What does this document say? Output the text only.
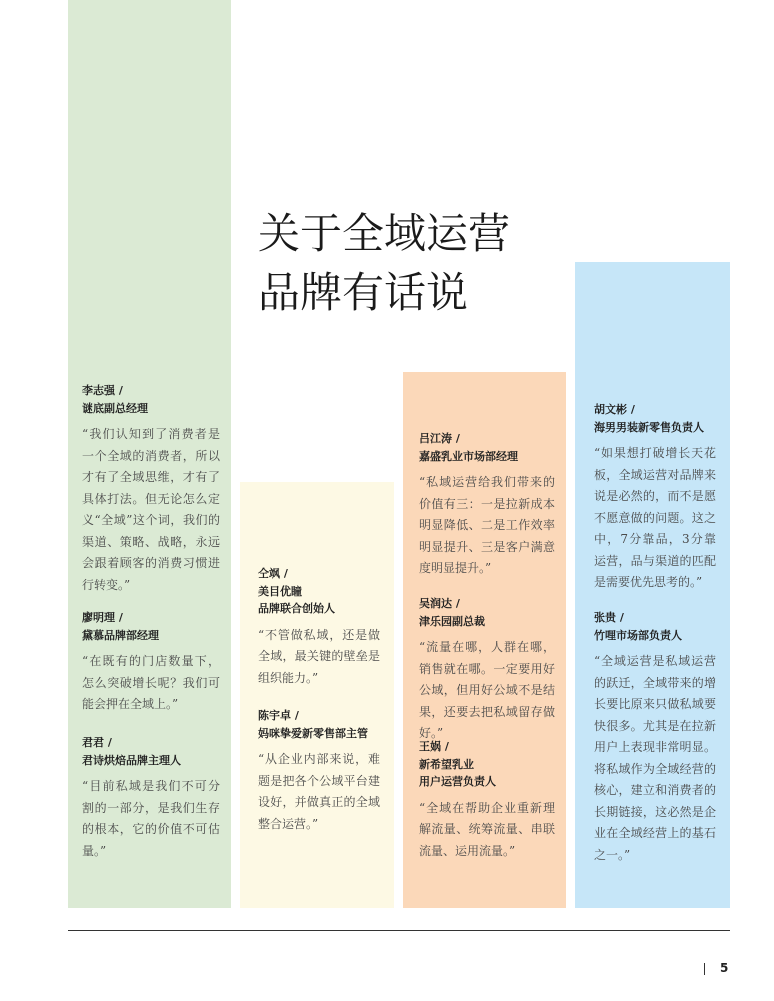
关于全域运营
品牌有话说
李志强 /
谜底副总经理
“我们认知到了消费者是一个全域的消费者，所以才有了全域思维，才有了具体打法。但无论怎么定义“全域”这个词，我们的渠道、策略、战略，永远会跟着顾客的消费习惯进行转变。”
廖明理 /
黛慕品牌部经理
“在既有的门店数量下，怎么突破增长呢？我们可能会押在全域上。”
君君 /
君诗烘焙品牌主理人
“目前私域是我们不可分割的一部分，是我们生存的根本，它的价值不可估量。”
仝飒 /
美目优瞳
品牌联合创始人
“不管做私域，还是做全域，最关键的壁垒是组织能力。”
陈宇卓 /
妈咪挚爱新零售部主管
“从企业内部来说，难题是把各个公域平台建设好，并做真正的全域整合运营。”
吕江涛 /
嘉盛乳业市场部经理
“私域运营给我们带来的价值有三：一是拉新成本明显降低、二是工作效率明显提升、三是客户满意度明显提升。”
吴润达 /
津乐园副总裁
“流量在哪，人群在哪，销售就在哪。一定要用好公域，但用好公域不是结果，还要去把私域留存做好。”
王娲 /
新希望乳业
用户运营负责人
“全域在帮助企业重新理解流量、统筹流量、串联流量、运用流量。”
胡文彬 /
海男男装新零售负责人
“如果想打破增长天花板，全域运营对品牌来说是必然的，而不是愿不愿意做的问题。这之中，7分靠品，3分靠运营，品与渠道的匹配是需要优先思考的。”
张贵 /
竹哩市场部负责人
“全域运营是私域运营的跃迁，全域带来的增长要比原来只做私域要快很多。尤其是在拉新用户上表现非常明显。将私域作为全域经营的核心，建立和消费者的长期链接，这必然是企业在全域经营上的基石之一。”
5
